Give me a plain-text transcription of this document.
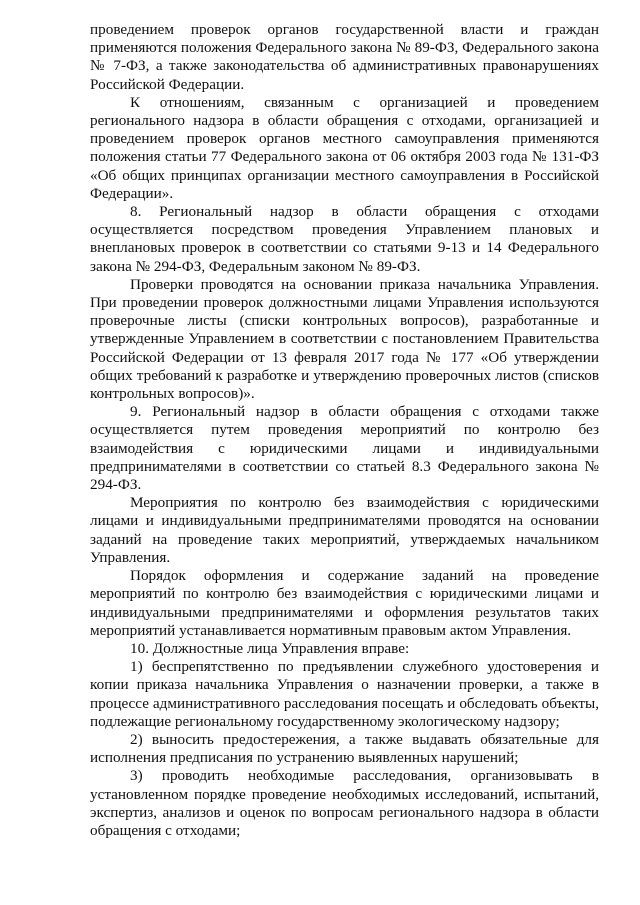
проведением проверок органов государственной власти и граждан применяются положения Федерального закона № 89-ФЗ, Федерального закона № 7-ФЗ, а также законодательства об административных правонарушениях Российской Федерации.

К отношениям, связанным с организацией и проведением регионального надзора в области обращения с отходами, организацией и проведением проверок органов местного самоуправления применяются положения статьи 77 Федерального закона от 06 октября 2003 года № 131-ФЗ «Об общих принципах организации местного самоуправления в Российской Федерации».

8. Региональный надзор в области обращения с отходами осуществляется посредством проведения Управлением плановых и внеплановых проверок в соответствии со статьями 9-13 и 14 Федерального закона № 294-ФЗ, Федеральным законом № 89-ФЗ.

Проверки проводятся на основании приказа начальника Управления. При проведении проверок должностными лицами Управления используются проверочные листы (списки контрольных вопросов), разработанные и утвержденные Управлением в соответствии с постановлением Правительства Российской Федерации от 13 февраля 2017 года № 177 «Об утверждении общих требований к разработке и утверждению проверочных листов (списков контрольных вопросов)».

9. Региональный надзор в области обращения с отходами также осуществляется путем проведения мероприятий по контролю без взаимодействия с юридическими лицами и индивидуальными предпринимателями в соответствии со статьей 8.3 Федерального закона № 294-ФЗ.

Мероприятия по контролю без взаимодействия с юридическими лицами и индивидуальными предпринимателями проводятся на основании заданий на проведение таких мероприятий, утверждаемых начальником Управления.

Порядок оформления и содержание заданий на проведение мероприятий по контролю без взаимодействия с юридическими лицами и индивидуальными предпринимателями и оформления результатов таких мероприятий устанавливается нормативным правовым актом Управления.

10. Должностные лица Управления вправе:

1) беспрепятственно по предъявлении служебного удостоверения и копии приказа начальника Управления о назначении проверки, а также в процессе административного расследования посещать и обследовать объекты, подлежащие региональному государственному экологическому надзору;

2) выносить предостережения, а также выдавать обязательные для исполнения предписания по устранению выявленных нарушений;

3) проводить необходимые расследования, организовывать в установленном порядке проведение необходимых исследований, испытаний, экспертиз, анализов и оценок по вопросам регионального надзора в области обращения с отходами;
